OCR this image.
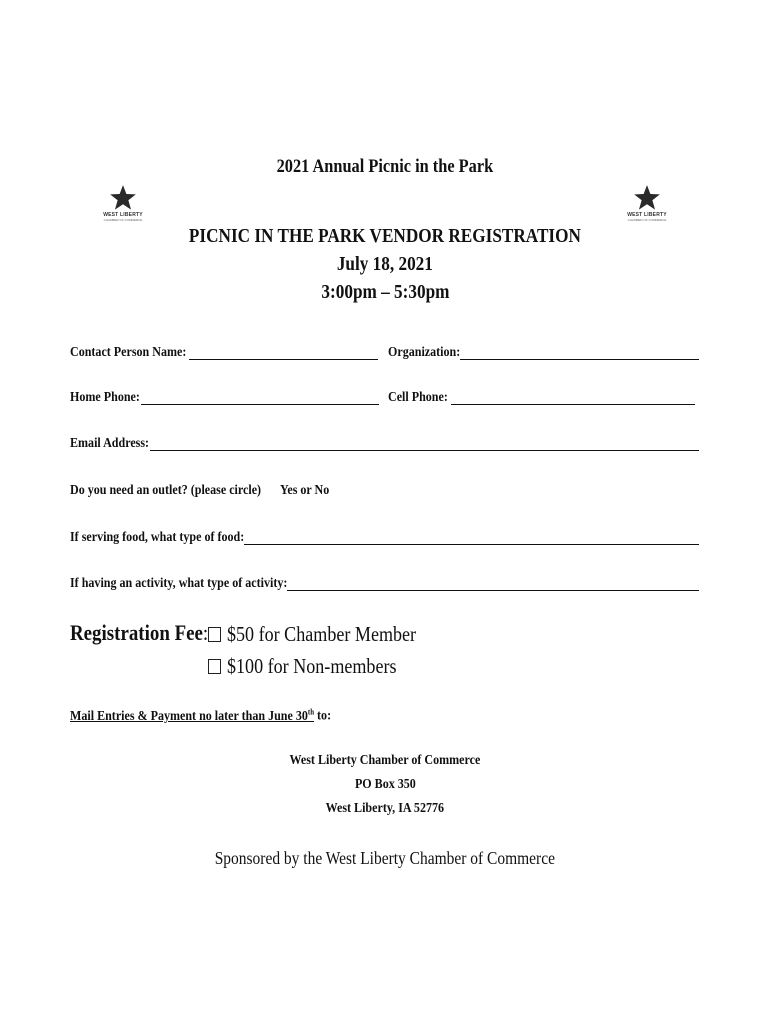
WEST LIBERTY
CHAMBER OF COMMERCE
WEST LIBERTY
CHAMBER OF COMMERCE
2021 Annual Picnic in the Park
PICNIC IN THE PARK VENDOR REGISTRATION
July 18, 2021
3:00pm – 5:30pm
Contact Person Name:	Organization:
Home Phone:	Cell Phone:
Email Address:
Do you need an outlet? (please circle)	Yes or No
If serving food, what type of food:
If having an activity, what type of activity:
Registration Fee: $50 for Chamber Member
$100 for Non-members
Mail Entries & Payment no later than June 30th to:
West Liberty Chamber of Commerce
PO Box 350
West Liberty, IA 52776
Sponsored by the West Liberty Chamber of Commerce
